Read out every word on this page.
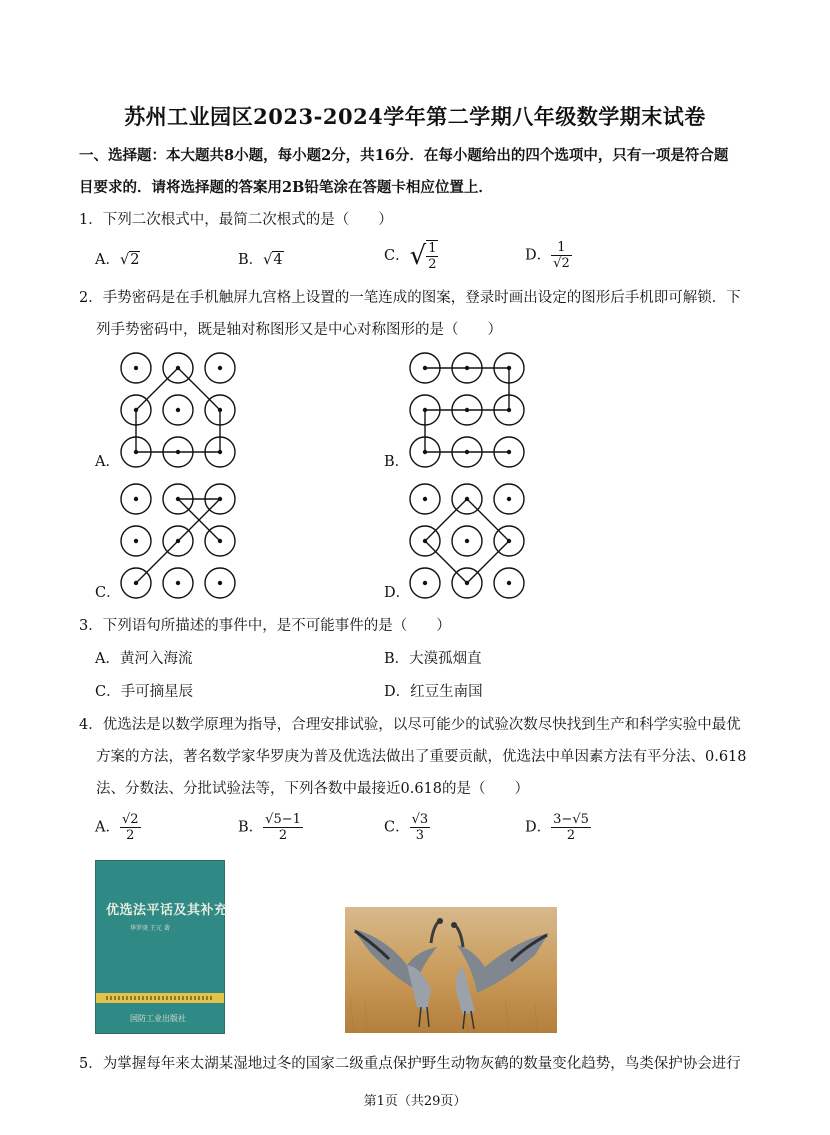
苏州工业园区2023-2024学年第二学期八年级数学期末试卷
一、选择题：本大题共8小题，每小题2分，共16分．在每小题给出的四个选项中，只有一项是符合题
目要求的．请将选择题的答案用2B铅笔涂在答题卡相应位置上．
1．下列二次根式中，最简二次根式的是（　　）
A．√2	B．√4	C．√ $\frac{1}{2}$	D． $\frac{1}{√2}$
2．手势密码是在手机触屏九宫格上设置的一笔连成的图案，登录时画出设定的图形后手机即可解锁．下
列手势密码中，既是轴对称图形又是中心对称图形的是（　　）
A．	B．
C．	D．
3．下列语句所描述的事件中，是不可能事件的是（　　）
A．黄河入海流	B．大漠孤烟直
C．手可摘星辰	D．红豆生南国
4．优选法是以数学原理为指导，合理安排试验，以尽可能少的试验次数尽快找到生产和科学实验中最优
方案的方法，著名数学家华罗庚为普及优选法做出了重要贡献，优选法中单因素方法有平分法、0.618
法、分数法、分批试验法等，下列各数中最接近0.618的是（　　）
A． $\frac{√2}{2}$	B． $\frac{√5-1}{2}$	C． $\frac{√3}{3}$	D． $\frac{3-√5}{2}$
优选法平话及其补充
华罗庚 王元 著
国防工业出版社
5．为掌握每年来太湖某湿地过冬的国家二级重点保护野生动物灰鹤的数量变化趋势，鸟类保护协会进行
第1页（共29页）
